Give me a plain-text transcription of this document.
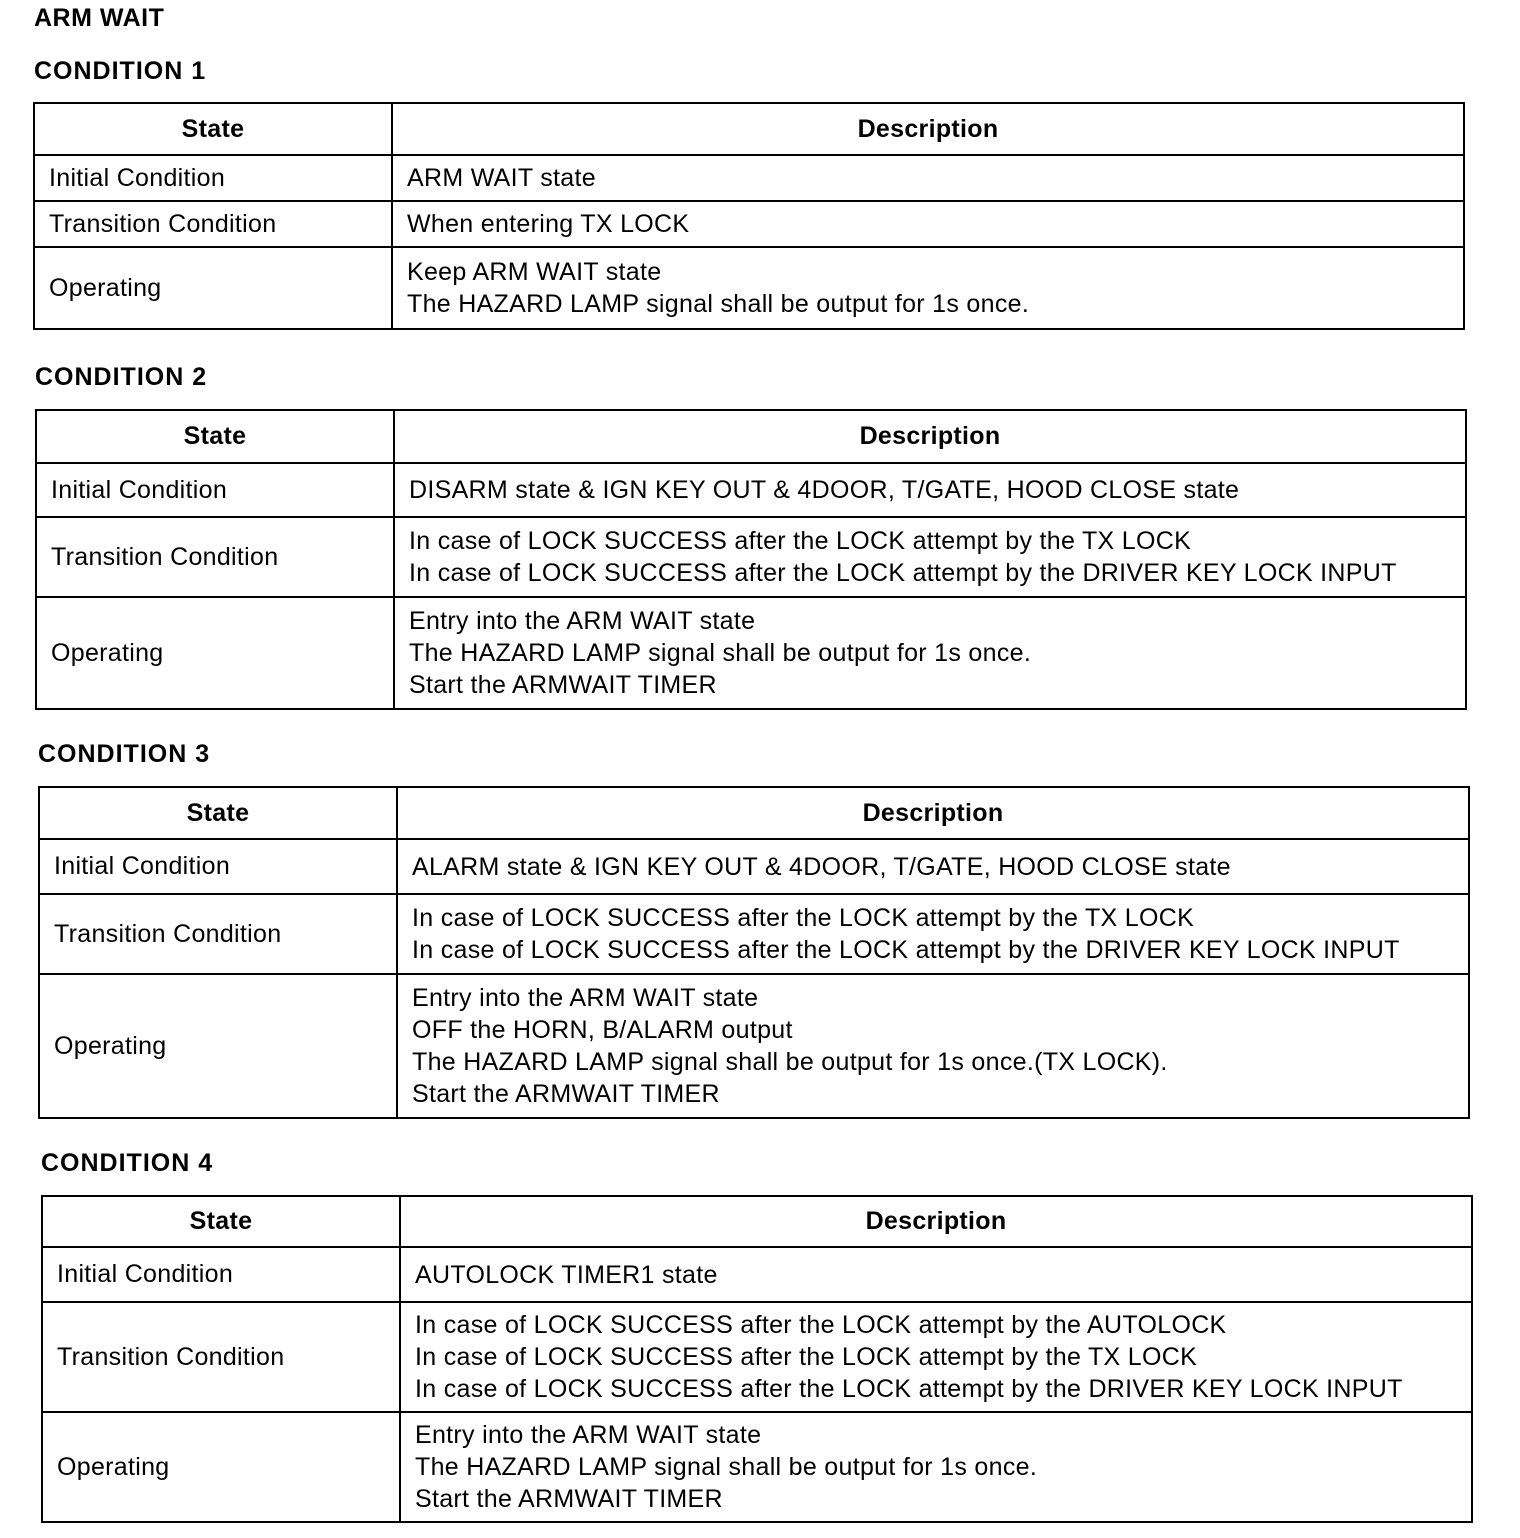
ARM WAIT
CONDITION 1
State	Description
Initial Condition	ARM WAIT state

Transition Condition	When entering TX LOCK

Operating	Keep ARM WAIT state
The HAZARD LAMP signal shall be output for 1s once.
CONDITION 2
State	Description
Initial Condition	DISARM state & IGN KEY OUT & 4DOOR, T/GATE, HOOD CLOSE state

Transition Condition	In case of LOCK SUCCESS after the LOCK attempt by the TX LOCK
In case of LOCK SUCCESS after the LOCK attempt by the DRIVER KEY LOCK INPUT

Operating	Entry into the ARM WAIT state
The HAZARD LAMP signal shall be output for 1s once.
Start the ARMWAIT TIMER
CONDITION 3
State	Description
Initial Condition	ALARM state & IGN KEY OUT & 4DOOR, T/GATE, HOOD CLOSE state

Transition Condition	In case of LOCK SUCCESS after the LOCK attempt by the TX LOCK
In case of LOCK SUCCESS after the LOCK attempt by the DRIVER KEY LOCK INPUT

Operating	Entry into the ARM WAIT state
OFF the HORN, B/ALARM output
The HAZARD LAMP signal shall be output for 1s once.(TX LOCK).
Start the ARMWAIT TIMER
CONDITION 4
State	Description
Initial Condition	AUTOLOCK TIMER1 state

Transition Condition	In case of LOCK SUCCESS after the LOCK attempt by the AUTOLOCK
In case of LOCK SUCCESS after the LOCK attempt by the TX LOCK
In case of LOCK SUCCESS after the LOCK attempt by the DRIVER KEY LOCK INPUT

Operating	Entry into the ARM WAIT state
The HAZARD LAMP signal shall be output for 1s once.
Start the ARMWAIT TIMER
